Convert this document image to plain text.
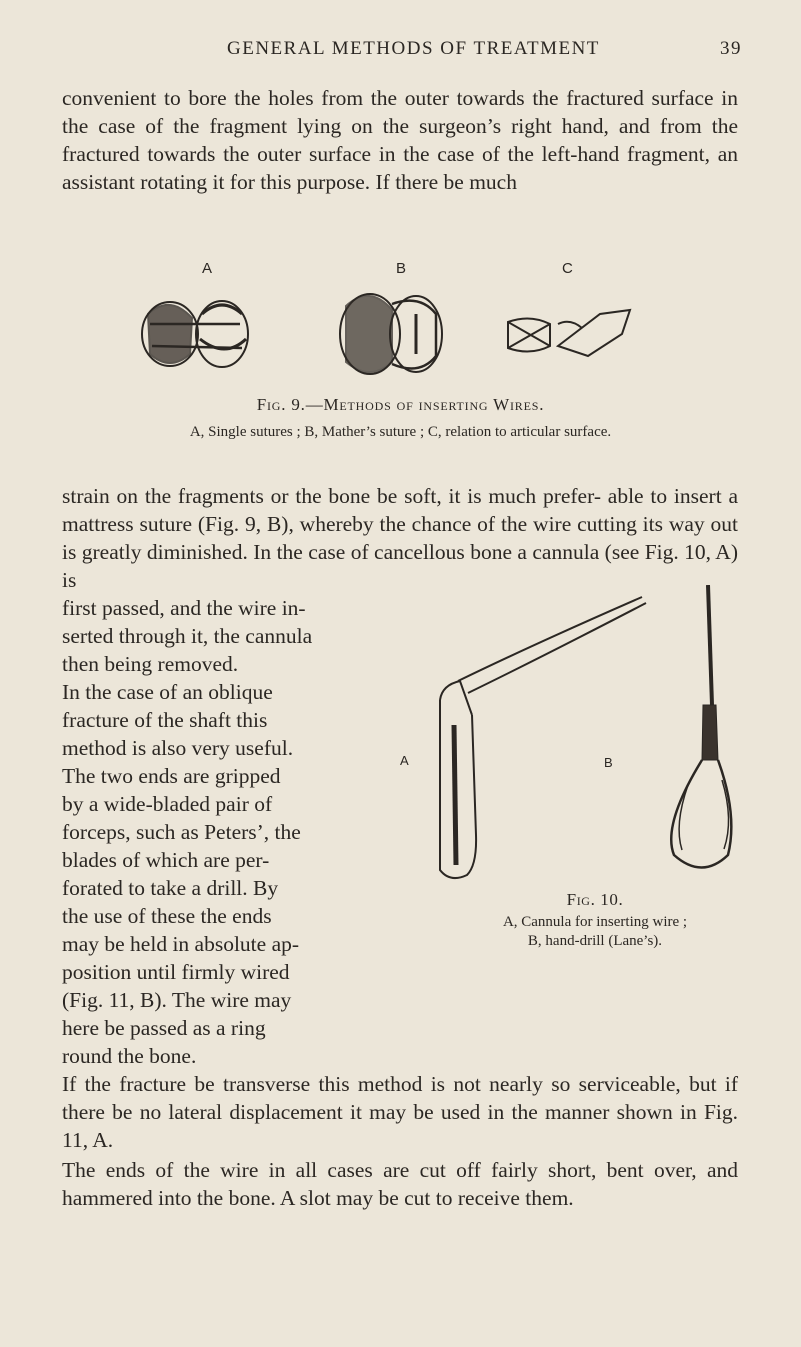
GENERAL METHODS OF TREATMENT	39

convenient to bore the holes from the outer towards the fractured surface in the case of the fragment lying on the surgeon’s right hand, and from the fractured towards the outer surface in the case of the left-hand fragment, an assistant rotating it for this purpose. If there be much

A	B	C
Fig. 9.—Methods of inserting Wires.
A, Single sutures ; B, Mather’s suture ; C, relation to articular surface.

strain on the fragments or the bone be soft, it is much prefer- able to insert a mattress suture (Fig. 9, B), whereby the chance of the wire cutting its way out is greatly diminished. In the case of cancellous bone a cannula (see Fig. 10, A) is

first passed, and the wire in-

serted through it, the cannula

then being removed.

In the case of an oblique

fracture of the shaft this

method is also very useful.

The two ends are gripped

by a wide-bladed pair of

forceps, such as Peters’, the

blades of which are per-

forated to take a drill. By

the use of these the ends

may be held in absolute ap-

position until firmly wired

(Fig. 11, B). The wire may

here be passed as a ring

round the bone.

A	B
Fig. 10.
A, Cannula for inserting wire ;
B, hand-drill (Lane’s).

If the fracture be transverse this method is not nearly so serviceable, but if there be no lateral displacement it may be used in the manner shown in Fig. 11, A.

The ends of the wire in all cases are cut off fairly short, bent over, and hammered into the bone. A slot may be cut to receive them.
